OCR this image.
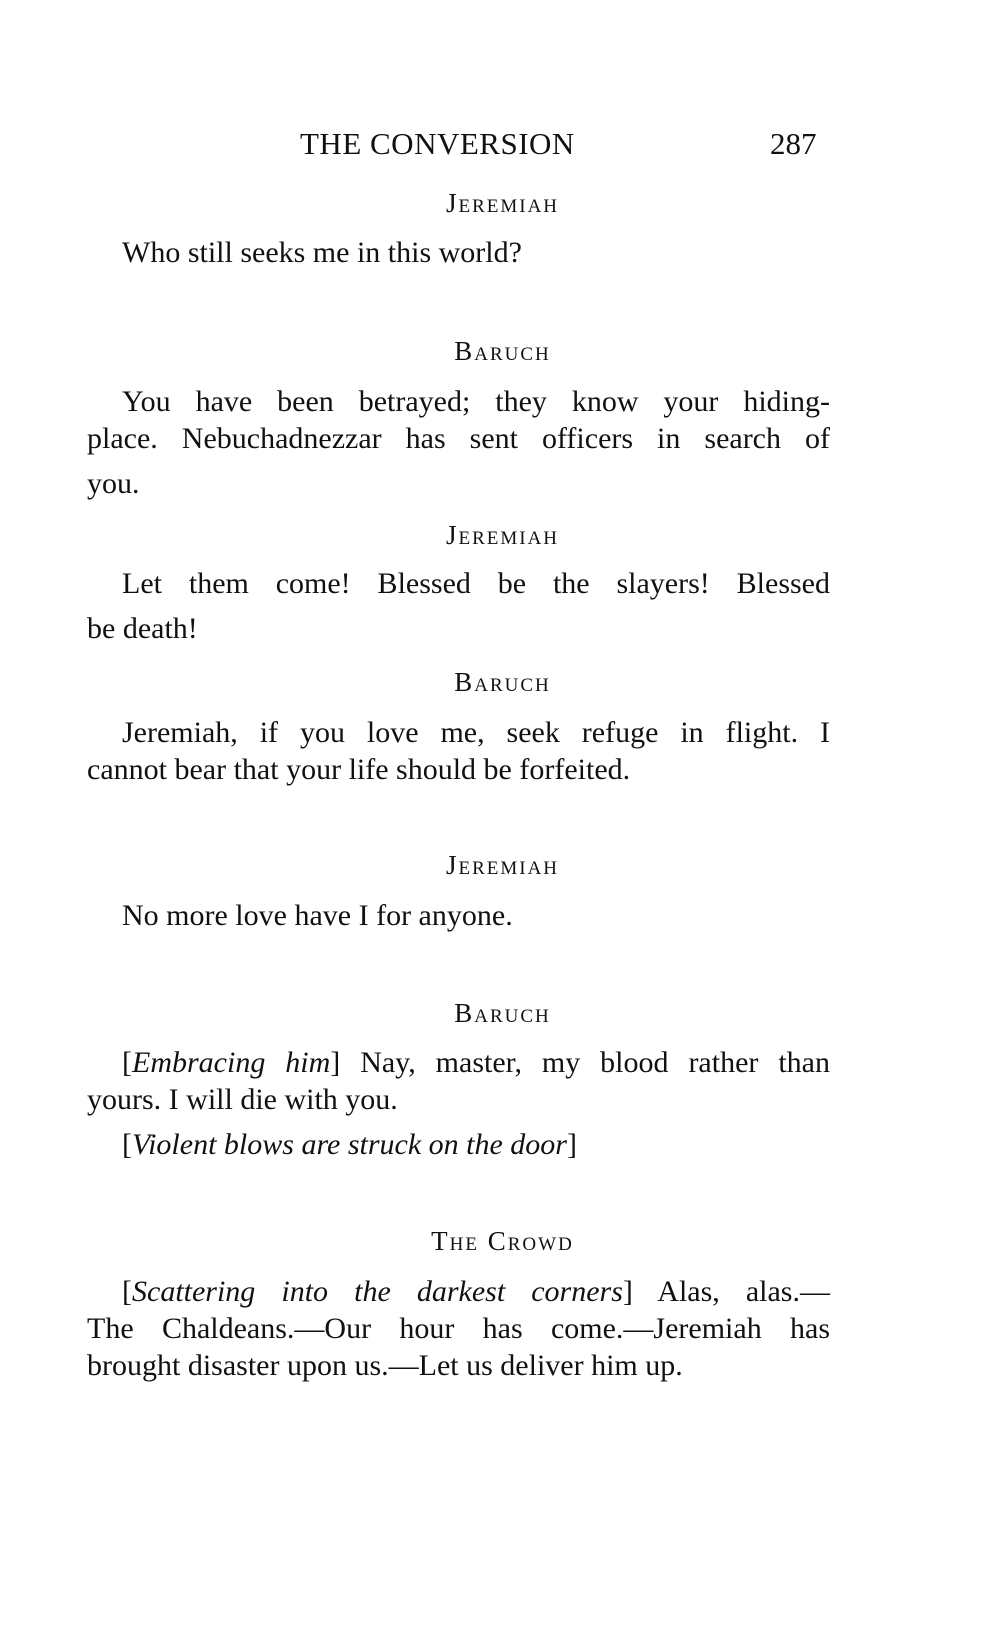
THE CONVERSION	287
Jeremiah
Who still seeks me in this world?
Baruch
You have been betrayed; they know your hiding-
place. Nebuchadnezzar has sent officers in search of
you.
Jeremiah
Let them come! Blessed be the slayers! Blessed
be death!
Baruch
Jeremiah, if you love me, seek refuge in flight. I
cannot bear that your life should be forfeited.
Jeremiah
No more love have I for anyone.
Baruch
[Embracing him] Nay, master, my blood rather than
yours. I will die with you.
[Violent blows are struck on the door]
The Crowd
[Scattering into the darkest corners] Alas, alas.—
The Chaldeans.—Our hour has come.—Jeremiah has
brought disaster upon us.—Let us deliver him up.
